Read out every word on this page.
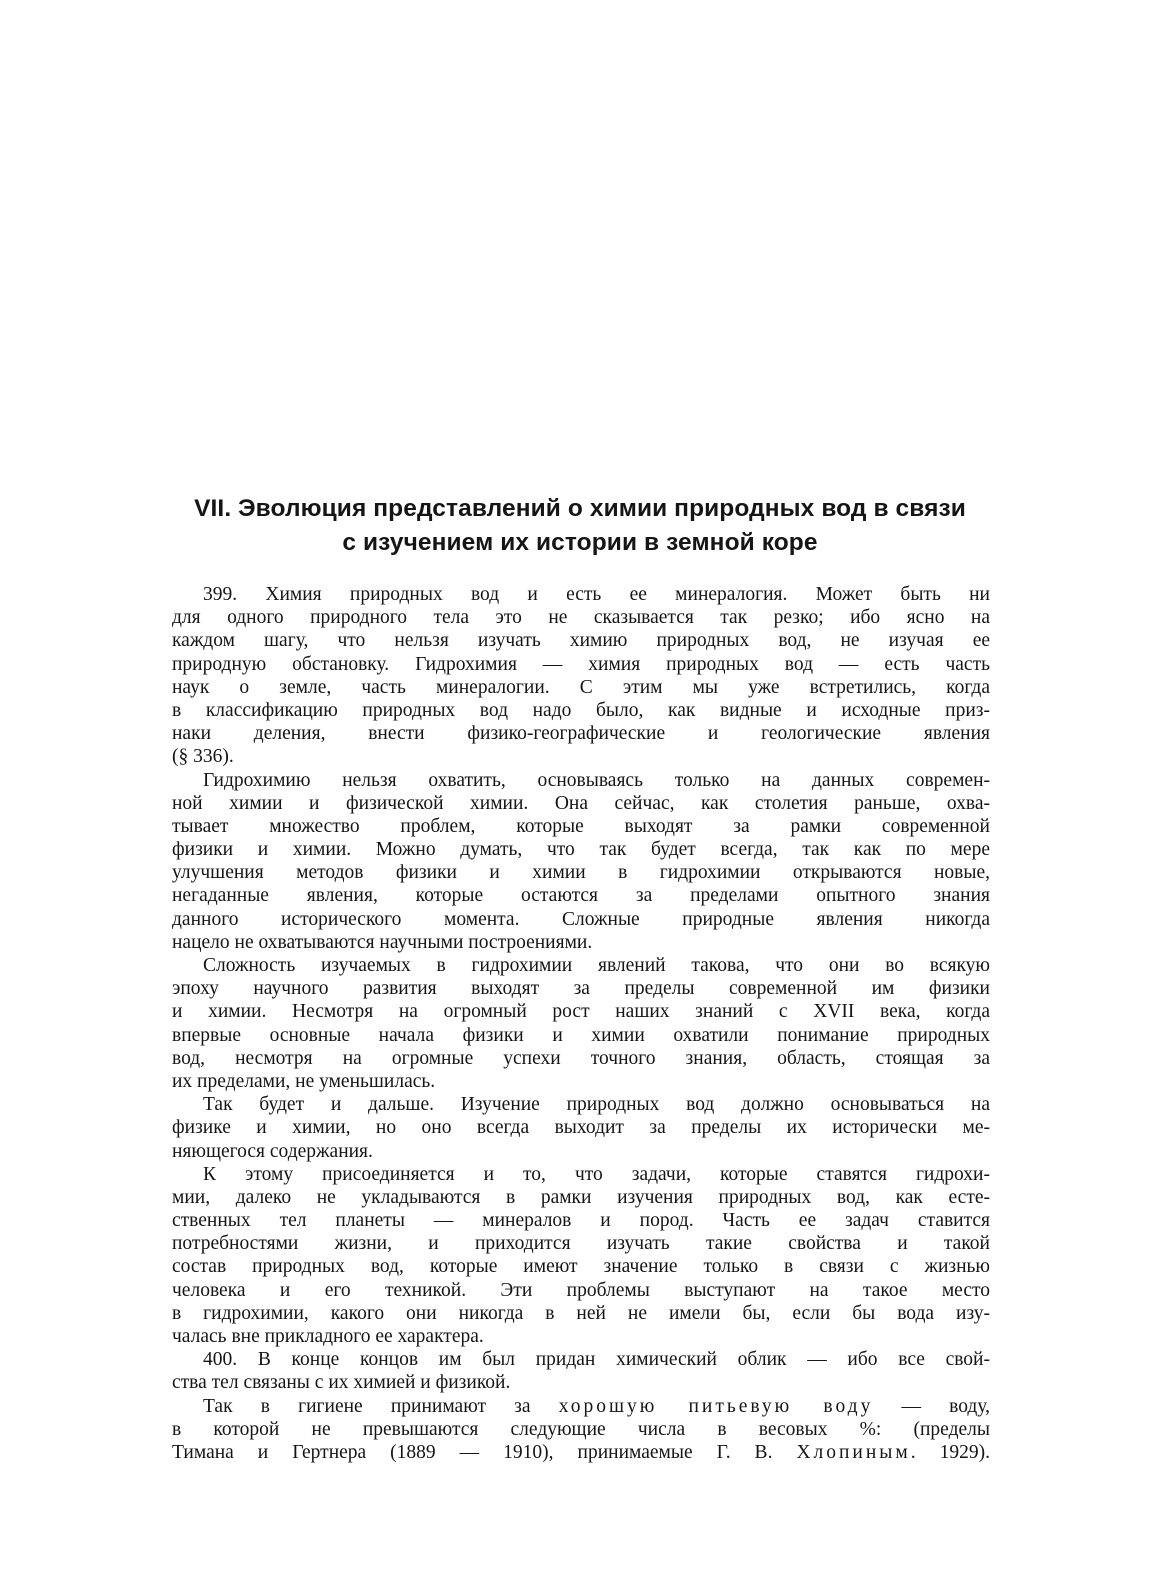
VII. Эволюция представлений о химии природных вод в связи
с изучением их истории в земной коре
399. Химия природных вод и есть ее минералогия. Может быть ни
для одного природного тела это не сказывается так резко; ибо ясно на
каждом шагу, что нельзя изучать химию природных вод, не изучая ее
природную обстановку. Гидрохимия — химия природных вод — есть часть
наук о земле, часть минералогии. С этим мы уже встретились, когда
в классификацию природных вод надо было, как видные и исходные приз-
наки деления, внести физико-географические и геологические явления
(§ 336).
Гидрохимию нельзя охватить, основываясь только на данных современ-
ной химии и физической химии. Она сейчас, как столетия раньше, охва-
тывает множество проблем, которые выходят за рамки современной
физики и химии. Можно думать, что так будет всегда, так как по мере
улучшения методов физики и химии в гидрохимии открываются новые,
негаданные явления, которые остаются за пределами опытного знания
данного исторического момента. Сложные природные явления никогда
нацело не охватываются научными построениями.
Сложность изучаемых в гидрохимии явлений такова, что они во всякую
эпоху научного развития выходят за пределы современной им физики
и химии. Несмотря на огромный рост наших знаний с XVII века, когда
впервые основные начала физики и химии охватили понимание природных
вод, несмотря на огромные успехи точного знания, область, стоящая за
их пределами, не уменьшилась.
Так будет и дальше. Изучение природных вод должно основываться на
физике и химии, но оно всегда выходит за пределы их исторически ме-
няющегося содержания.
К этому присоединяется и то, что задачи, которые ставятся гидрохи-
мии, далеко не укладываются в рамки изучения природных вод, как есте-
ственных тел планеты — минералов и пород. Часть ее задач ставится
потребностями жизни, и приходится изучать такие свойства и такой
состав природных вод, которые имеют значение только в связи с жизнью
человека и его техникой. Эти проблемы выступают на такое место
в гидрохимии, какого они никогда в ней не имели бы, если бы вода изу-
чалась вне прикладного ее характера.
400. В конце концов им был придан химический облик — ибо все свой-
ства тел связаны с их химией и физикой.
Так в гигиене принимают за хорошую питьевую воду — воду,
в которой не превышаются следующие числа в весовых %: (пределы
Тимана и Гертнера (1889 — 1910), принимаемые Г. В. Хлопиным. 1929).
